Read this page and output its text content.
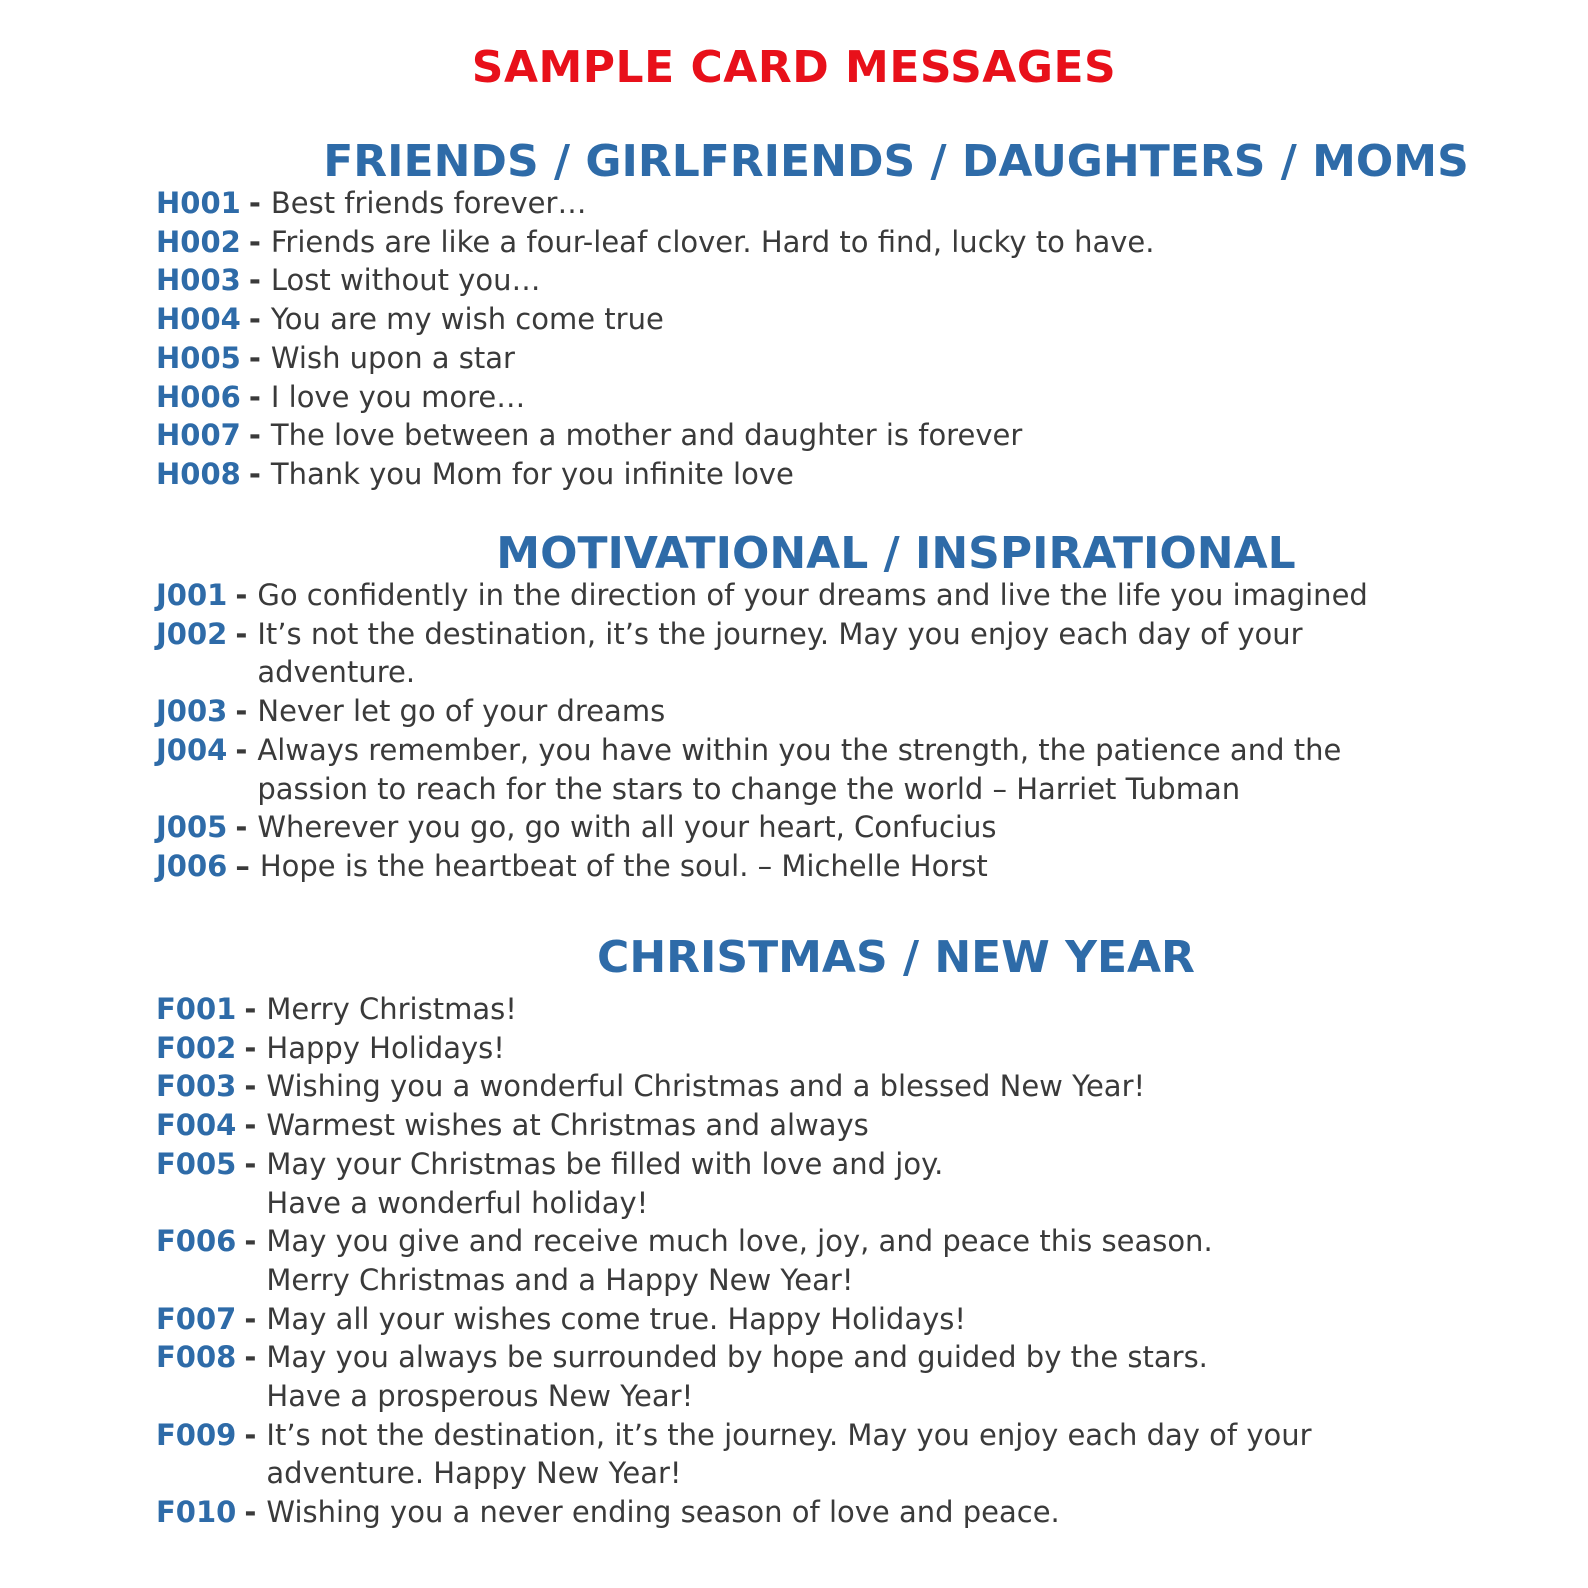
SAMPLE CARD MESSAGES
FRIENDS / GIRLFRIENDS / DAUGHTERS / MOMS
H001 - Best friends forever…
H002 - Friends are like a four-leaf clover. Hard to find, lucky to have.
H003 - Lost without you…
H004 - You are my wish come true
H005 - Wish upon a star
H006 - I love you more…
H007 - The love between a mother and daughter is forever
H008 - Thank you Mom for you infinite love
MOTIVATIONAL / INSPIRATIONAL
J001 - Go confidently in the direction of your dreams and live the life you imagined
J002 - It’s not the destination, it’s the journey. May you enjoy each day of your
adventure.
J003 - Never let go of your dreams
J004 - Always remember, you have within you the strength, the patience and the
passion to reach for the stars to change the world – Harriet Tubman
J005 - Wherever you go, go with all your heart, Confucius
J006 – Hope is the heartbeat of the soul. – Michelle Horst
CHRISTMAS / NEW YEAR
F001 - Merry Christmas!
F002 - Happy Holidays!
F003 - Wishing you a wonderful Christmas and a blessed New Year!
F004 - Warmest wishes at Christmas and always
F005 - May your Christmas be filled with love and joy.
Have a wonderful holiday!
F006 - May you give and receive much love, joy, and peace this season.
Merry Christmas and a Happy New Year!
F007 - May all your wishes come true. Happy Holidays!
F008 - May you always be surrounded by hope and guided by the stars.
Have a prosperous New Year!
F009 - It’s not the destination, it’s the journey. May you enjoy each day of your
adventure. Happy New Year!
F010 - Wishing you a never ending season of love and peace.
